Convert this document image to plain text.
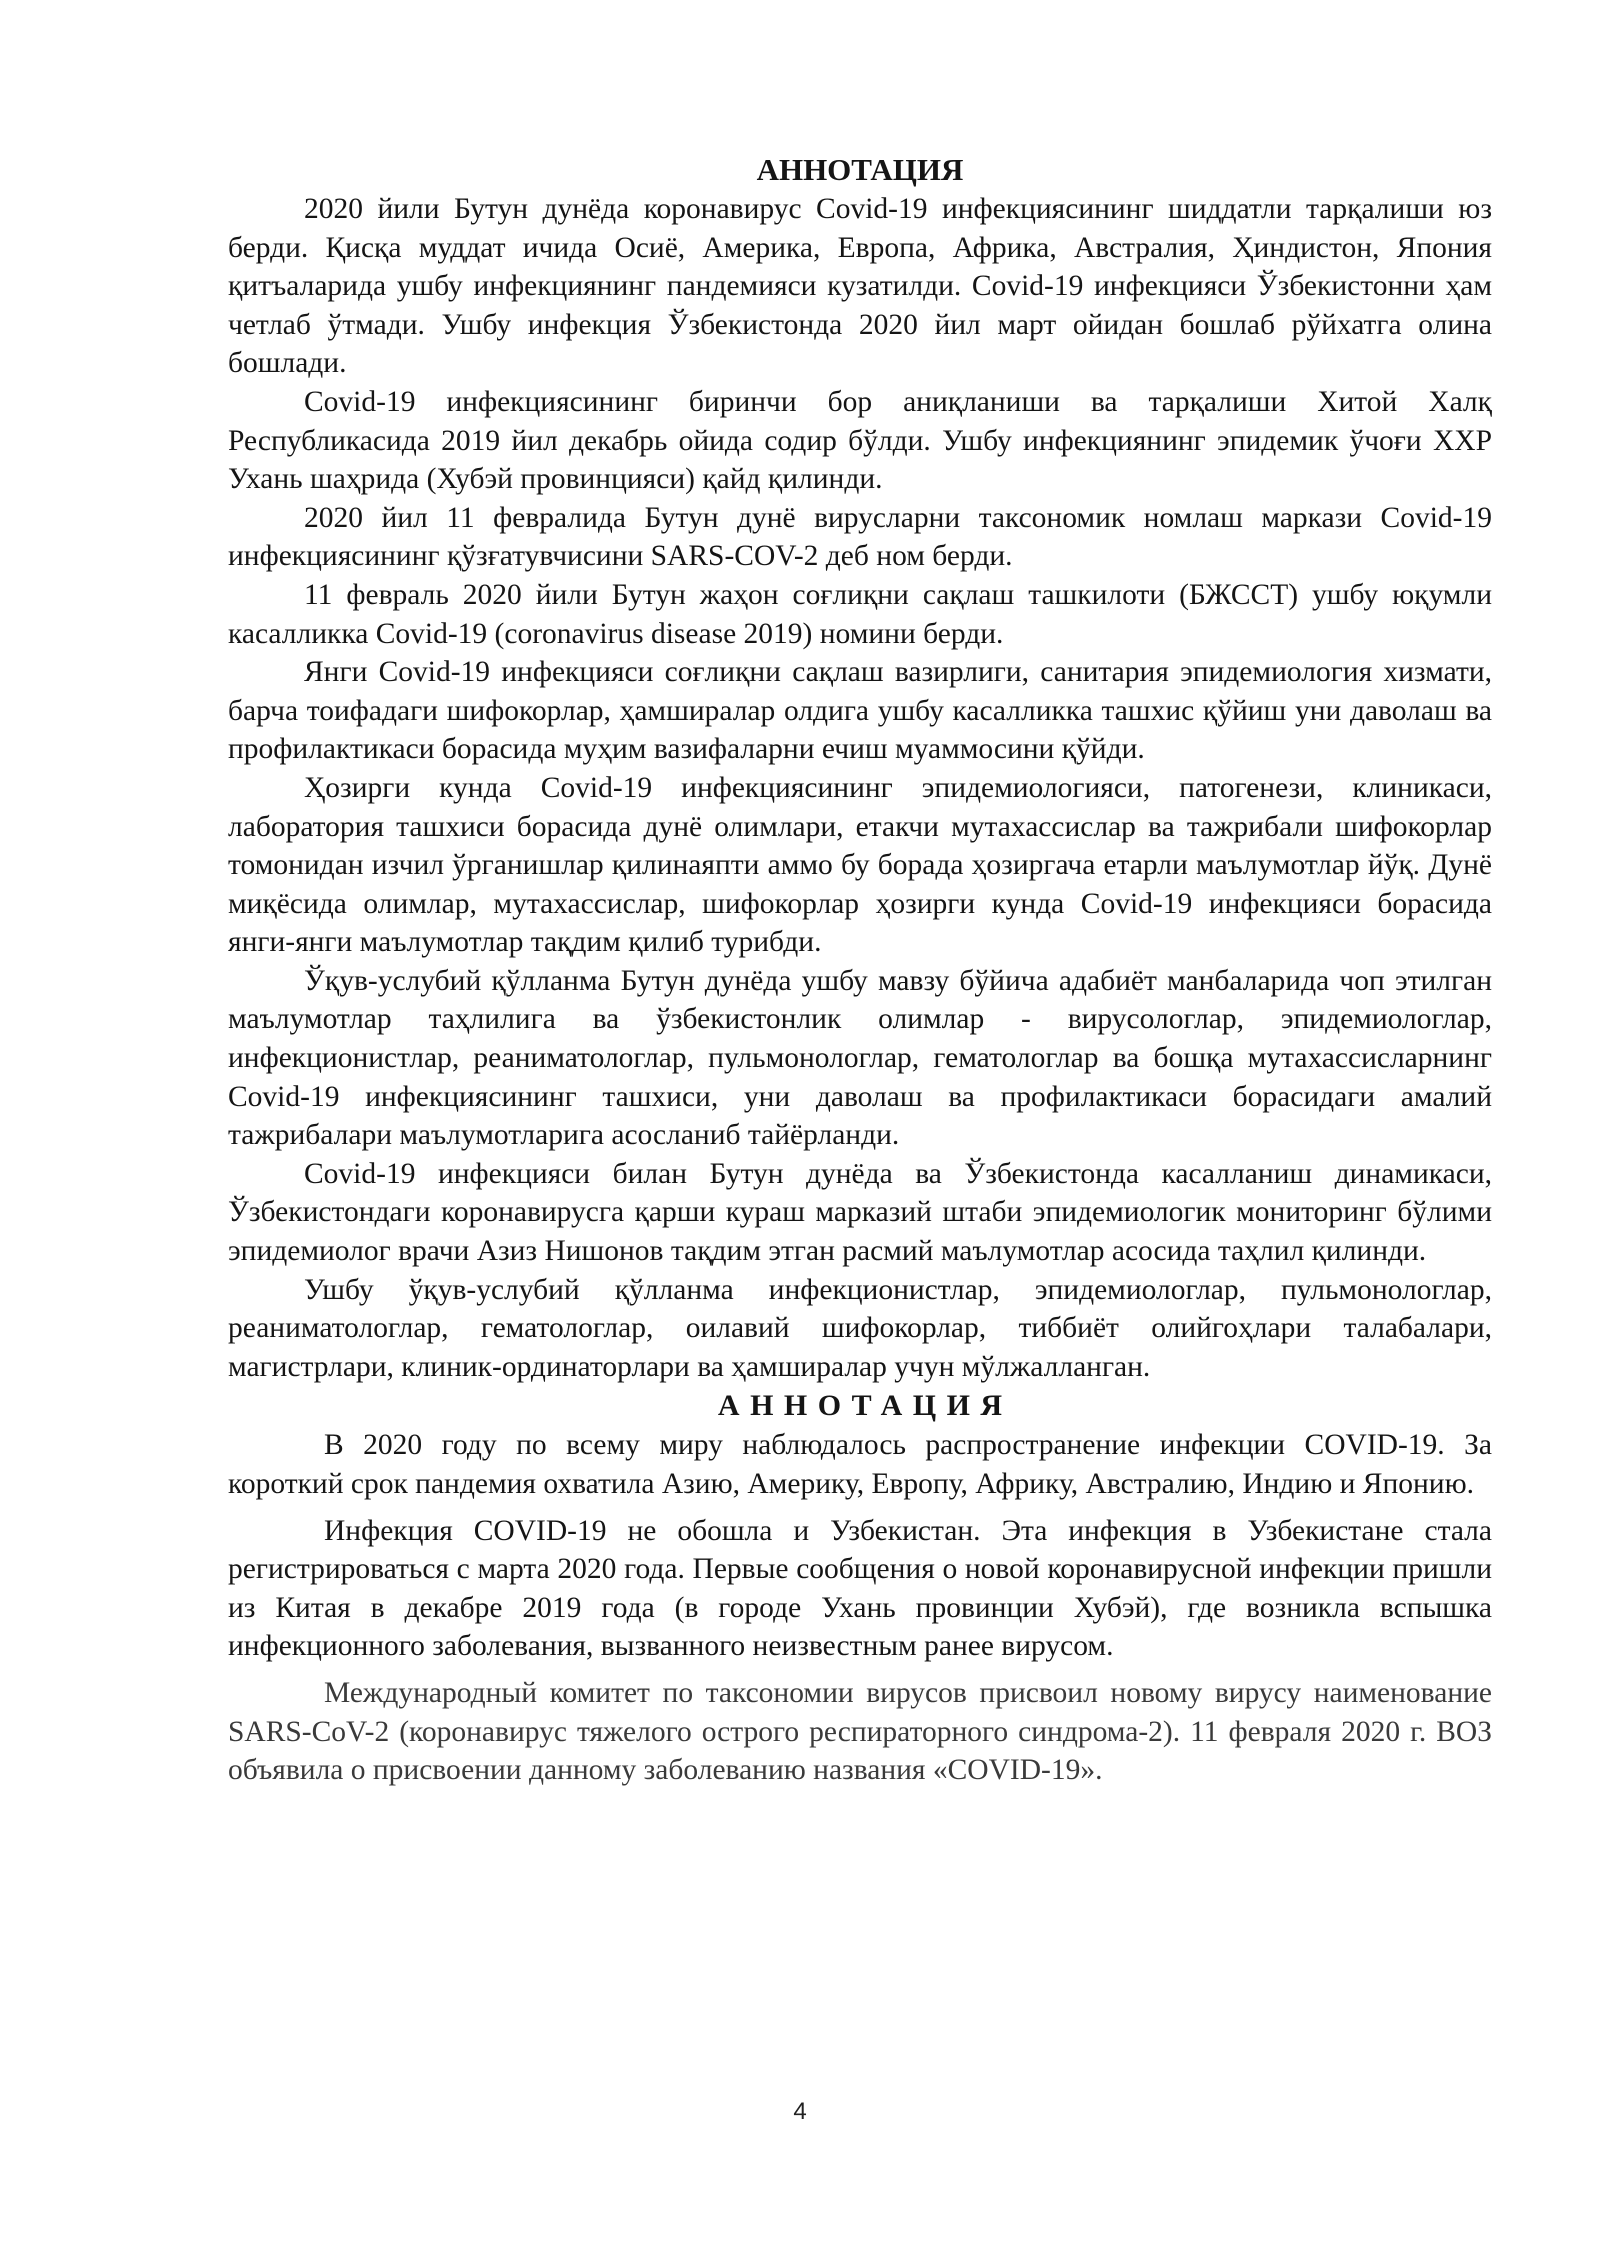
АННОТАЦИЯ

2020 йили Бутун дунёда коронавирус Covid-19 инфекциясининг шиддатли тарқалиши юз берди. Қисқа муддат ичида Осиё, Америка, Европа, Африка, Австралия, Ҳиндистон, Япония қитъаларида ушбу инфекциянинг пандемияси кузатилди. Covid-19 инфекцияси Ўзбекистонни ҳам четлаб ўтмади. Ушбу инфекция Ўзбекистонда 2020 йил март ойидан бошлаб рўйхатга олина бошлади.

Covid-19 инфекциясининг биринчи бор аниқланиши ва тарқалиши Хитой Халқ Республикасида 2019 йил декабрь ойида содир бўлди. Ушбу инфекциянинг эпидемик ўчоғи ХХР Ухань шаҳрида (Хубэй провинцияси) қайд қилинди.

2020 йил 11 февралида Бутун дунё вирусларни таксономик номлаш маркази Covid-19 инфекциясининг қўзғатувчисини SARS-COV-2 деб ном берди.

11 февраль 2020 йили Бутун жаҳон соғлиқни сақлаш ташкилоти (БЖССТ) ушбу юқумли касалликка Covid-19 (coronavirus disease 2019) номини берди.

Янги Covid-19 инфекцияси соғлиқни сақлаш вазирлиги, санитария эпидемиология хизмати, барча тоифадаги шифокорлар, ҳамширалар олдига ушбу касалликка ташхис қўйиш уни даволаш ва профилактикаси борасида муҳим вазифаларни ечиш муаммосини қўйди.

Ҳозирги кунда Covid-19 инфекциясининг эпидемиологияси, патогенези, клиникаси, лаборатория ташхиси борасида дунё олимлари, етакчи мутахассислар ва тажрибали шифокорлар томонидан изчил ўрганишлар қилинаяпти аммо бу борада ҳозиргача етарли маълумотлар йўқ. Дунё миқёсида олимлар, мутахассислар, шифокорлар ҳозирги кунда Covid-19 инфекцияси борасида янги-янги маълумотлар тақдим қилиб турибди.

Ўқув-услубий қўлланма Бутун дунёда ушбу мавзу бўйича адабиёт манбаларида чоп этилган маълумотлар таҳлилига ва ўзбекистонлик олимлар - вирусологлар, эпидемиологлар, инфекционистлар, реаниматологлар, пульмонологлар, гематологлар ва бошқа мутахассисларнинг Covid-19 инфекциясининг ташхиси, уни даволаш ва профилактикаси борасидаги амалий тажрибалари маълумотларига асосланиб тайёрланди.

Covid-19 инфекцияси билан Бутун дунёда ва Ўзбекистонда касалланиш динамикаси, Ўзбекистондаги коронавирусга қарши кураш марказий штаби эпидемиологик мониторинг бўлими эпидемиолог врачи Азиз Нишонов тақдим этган расмий маълумотлар асосида таҳлил қилинди.

Ушбу ўқув-услубий қўлланма инфекционистлар, эпидемиологлар, пульмонологлар, реаниматологлар, гематологлар, оилавий шифокорлар, тиббиёт олийгоҳлари талабалари, магистрлари, клиник-ординаторлари ва ҳамширалар учун мўлжалланган.

АННОТАЦИЯ

В 2020 году по всему миру наблюдалось распространение инфекции COVID-19. За короткий срок пандемия охватила Азию, Америку, Европу, Африку, Австралию, Индию и Японию.

Инфекция COVID-19 не обошла и Узбекистан. Эта инфекция в Узбекистане стала регистрироваться с марта 2020 года. Первые сообщения о новой коронавирусной инфекции пришли из Китая в декабре 2019 года (в городе Ухань провинции Хубэй), где возникла вспышка инфекционного заболевания, вызванного неизвестным ранее вирусом.

Международный комитет по таксономии вирусов присвоил новому вирусу наименование SARS-CoV-2 (коронавирус тяжелого острого респираторного синдрома-2). 11 февраля 2020 г. ВОЗ объявила о присвоении данному заболеванию названия «COVID-19».

4
